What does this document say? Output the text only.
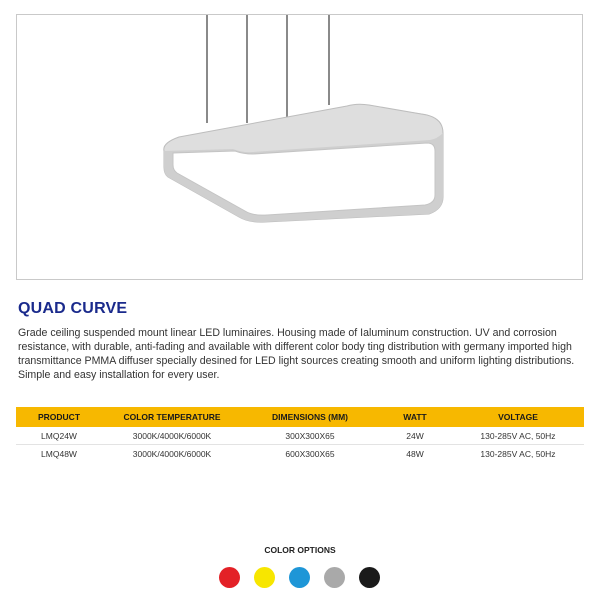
QUAD CURVE

Grade ceiling suspended mount linear LED luminaires. Housing made of Ialuminum construction. UV and corrosion resistance, with durable, anti-fading and available with different color body ting distribution with germany imported high transmittance PMMA diffuser specially desined for LED light sources creating smooth and uniform lighting distributions. Simple and easy installation for every user.

PRODUCT	COLOR TEMPERATURE	DIMENSIONS (MM)	WATT	VOLTAGE
LMQ24W	3000K/4000K/6000K	300X300X65	24W	130-285V AC, 50Hz
LMQ48W	3000K/4000K/6000K	600X300X65	48W	130-285V AC, 50Hz

COLOR OPTIONS
